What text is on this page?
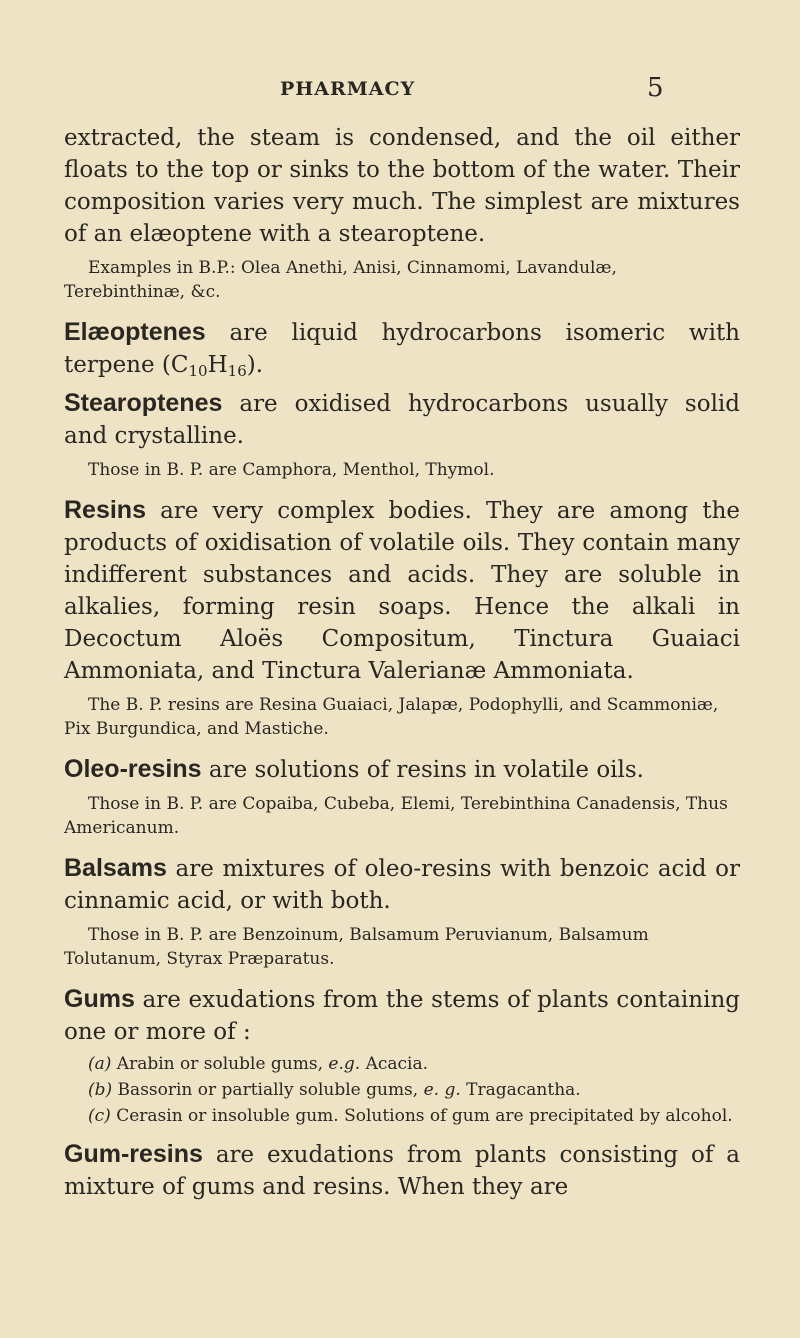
PHARMACY	5

extracted, the steam is condensed, and the oil either floats to the top or sinks to the bottom of the water. Their composition varies very much. The simplest are mixtures of an elæoptene with a stearoptene.

Examples in B.P.: Olea Anethi, Anisi, Cinnamomi, Lavandulæ, Terebinthinæ, &c.

Elæoptenes are liquid hydrocarbons isomeric with terpene $(C_{10}H_{16})$.

Stearoptenes are oxidised hydrocarbons usually solid and crystalline.

Those in B. P. are Camphora, Menthol, Thymol.

Resins are very complex bodies. They are among the products of oxidisation of volatile oils. They contain many indifferent substances and acids. They are soluble in alkalies, forming resin soaps. Hence the alkali in Decoctum Aloës Compositum, Tinctura Guaiaci Ammoniata, and Tinctura Valerianæ Ammoniata.

The B. P. resins are Resina Guaiaci, Jalapæ, Podophylli, and Scammoniæ, Pix Burgundica, and Mastiche.

Oleo-resins are solutions of resins in volatile oils.

Those in B. P. are Copaiba, Cubeba, Elemi, Terebinthina Canadensis, Thus Americanum.

Balsams are mixtures of oleo-resins with benzoic acid or cinnamic acid, or with both.

Those in B. P. are Benzoinum, Balsamum Peruvianum, Balsamum Tolutanum, Styrax Præparatus.

Gums are exudations from the stems of plants containing one or more of :

(a) Arabin or soluble gums, e.g. Acacia.

(b) Bassorin or partially soluble gums, e. g. Tragacantha.

(c) Cerasin or insoluble gum. Solutions of gum are precipitated by alcohol.

Gum-resins are exudations from plants consisting of a mixture of gums and resins. When they are
